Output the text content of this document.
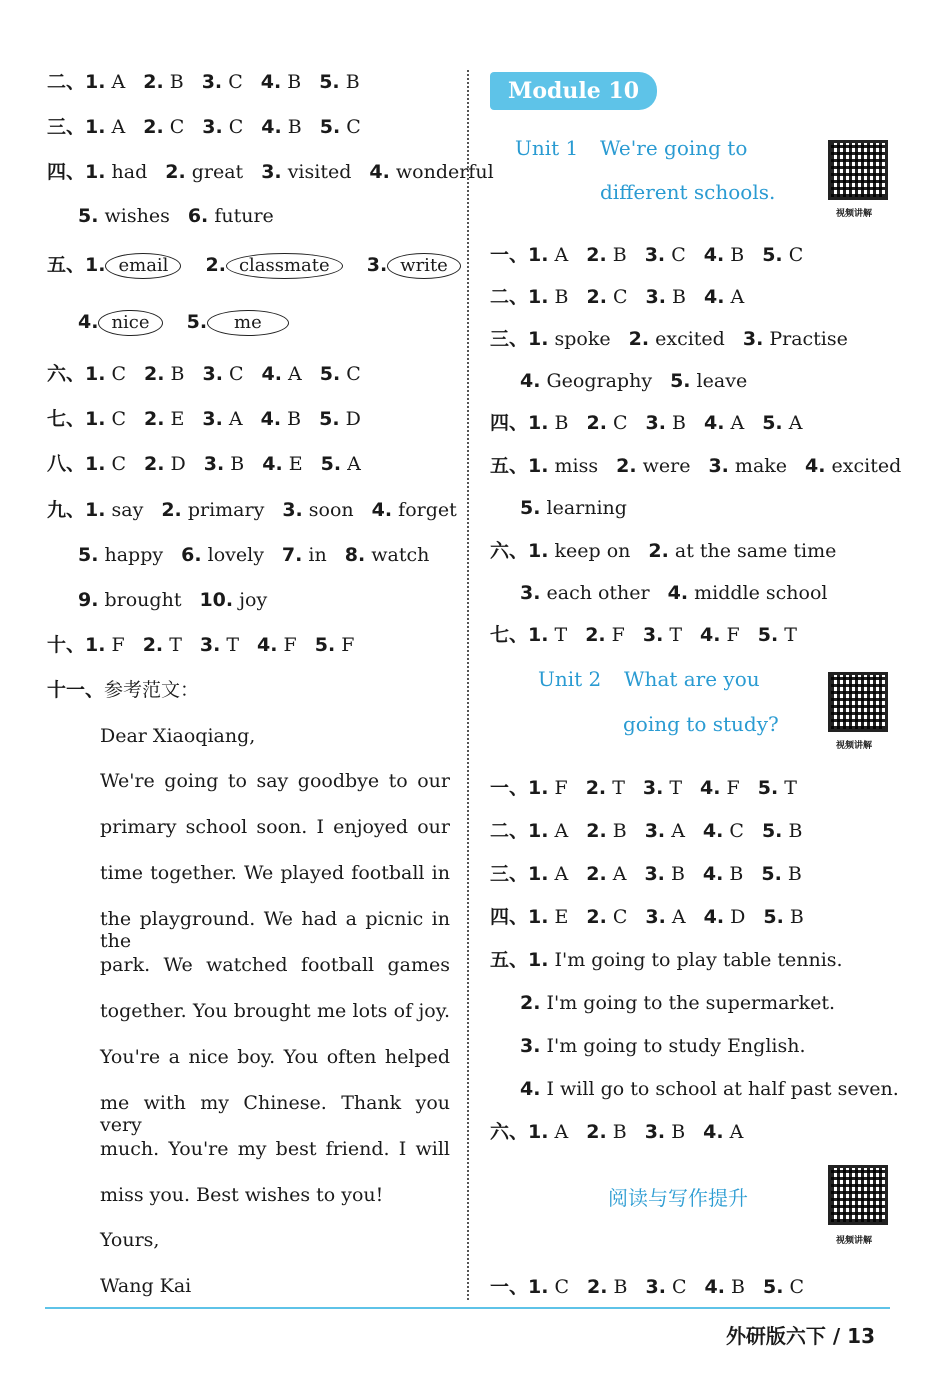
二、1. A 2. B 3. C 4. B 5. B
三、1. A 2. C 3. C 4. B 5. C
四、1. had 2. great 3. visited 4. wonderful
5. wishes 6. future
六、1. C 2. B 3. C 4. A 5. C
七、1. C 2. E 3. A 4. B 5. D
八、1. C 2. D 3. B 4. E 5. A
九、1. say 2. primary 3. soon 4. forget
5. happy 6. lovely 7. in 8. watch
9. brought 10. joy
十、1. F 2. T 3. T 4. F 5. F
十一、参考范文：
Dear Xiaoqiang,
五、1. email 2. classmate 3. write
4. nice 5. me
We're going to say goodbye to our
primary school soon. I enjoyed our
time together. We played football in
the playground. We had a picnic in the
park. We watched football games
together. You brought me lots of joy.
You're a nice boy. You often helped
me with my Chinese. Thank you very
much. You're my best friend. I will
miss you. Best wishes to you!
Yours,
Wang Kai
Module 10
Unit 1 We're going to
different schools.
视频讲解
Unit 2 What are you
going to study?
视频讲解
阅读与写作提升
视频讲解
一、1. A 2. B 3. C 4. B 5. C
二、1. B 2. C 3. B 4. A
三、1. spoke 2. excited 3. Practise
4. Geography 5. leave
四、1. B 2. C 3. B 4. A 5. A
五、1. miss 2. were 3. make 4. excited
5. learning
六、1. keep on 2. at the same time
3. each other 4. middle school
七、1. T 2. F 3. T 4. F 5. T
一、1. F 2. T 3. T 4. F 5. T
二、1. A 2. B 3. A 4. C 5. B
三、1. A 2. A 3. B 4. B 5. B
四、1. E 2. C 3. A 4. D 5. B
五、1. I'm going to play table tennis.
2. I'm going to the supermarket.
3. I'm going to study English.
4. I will go to school at half past seven.
六、1. A 2. B 3. B 4. A
一、1. C 2. B 3. C 4. B 5. C
外研版六下 / 13
